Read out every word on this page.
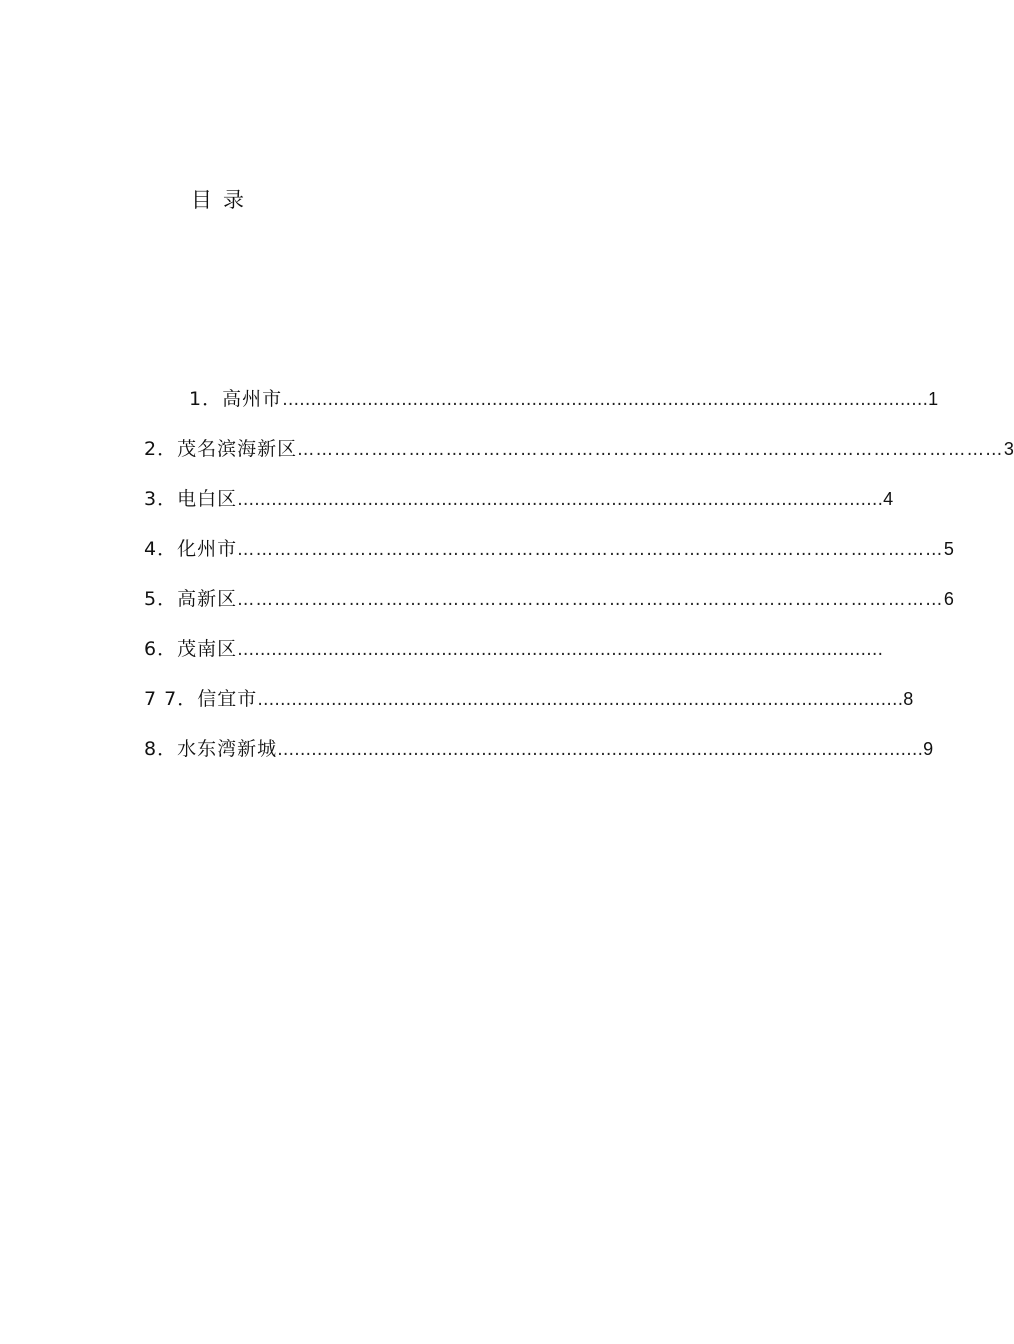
目录
1．高州市 …………………………………………………………………………………………………… 1
2．茂名滨海新区 …………………………………………………………………………………………………… 3
3．电白区 …………………………………………………………………………………………………… 4
4．化州市 …………………………………………………………………………………………………… 5
5．高新区 …………………………………………………………………………………………………… 6
6．茂南区 ……………………………………………………………………………………………………
7 7．信宜市 …………………………………………………………………………………………………… 8
8．水东湾新城 …………………………………………………………………………………………………… 9
